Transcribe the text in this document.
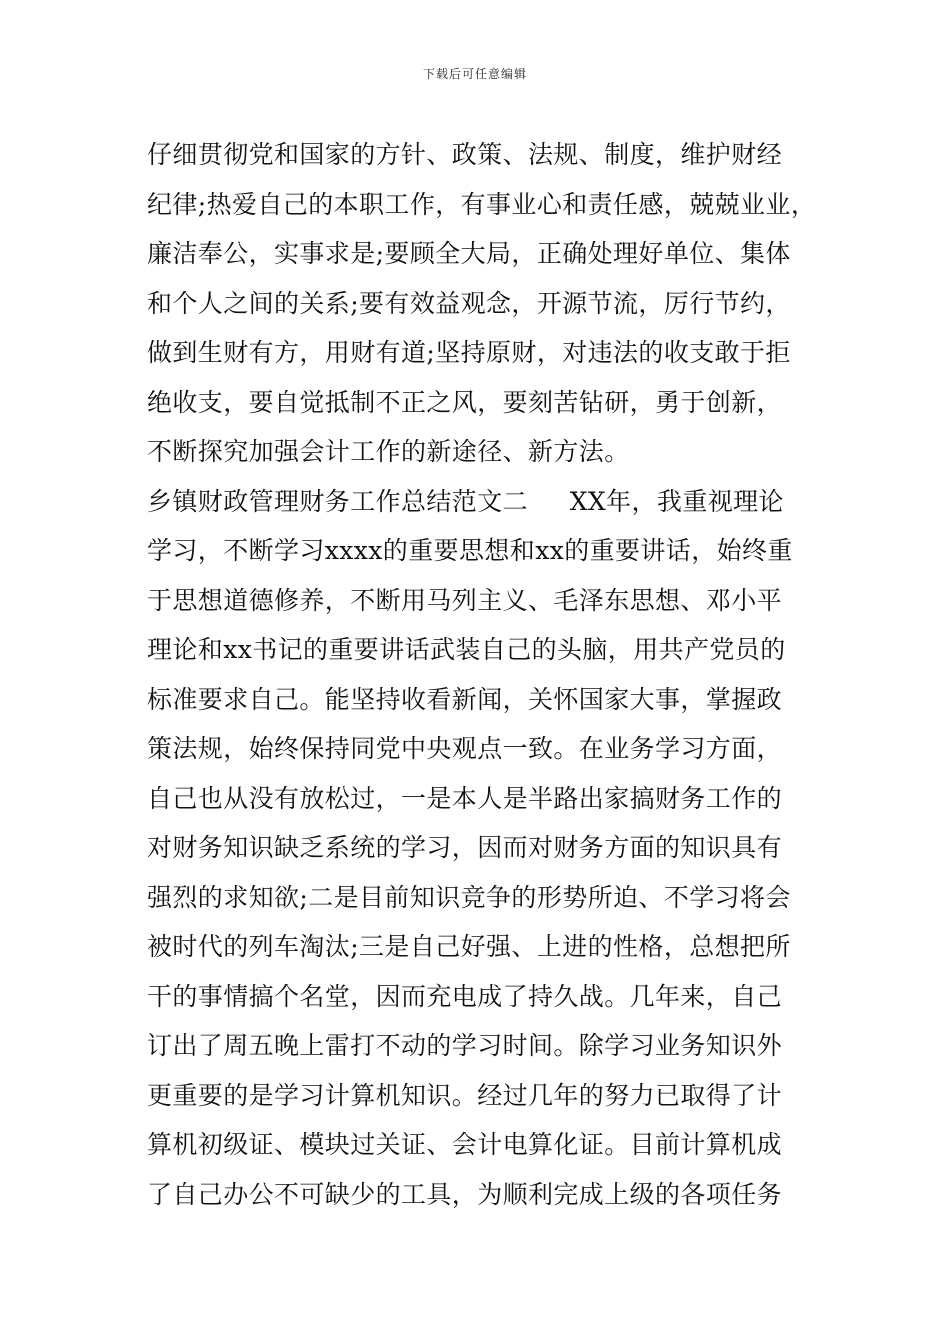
下载后可任意编辑
仔细贯彻党和国家的方针、政策、法规、制度，维护财经
纪律;热爱自己的本职工作，有事业心和责任感，兢兢业业，
廉洁奉公，实事求是;要顾全大局，正确处理好单位、集体
和个人之间的关系;要有效益观念，开源节流，厉行节约，
做到生财有方，用财有道;坚持原财，对违法的收支敢于拒
绝收支，要自觉抵制不正之风，要刻苦钻研，勇于创新，
不断探究加强会计工作的新途径、新方法。
乡镇财政管理财务工作总结范文二     XX年，我重视理论
学习，不断学习xxxx的重要思想和xx的重要讲话，始终重
于思想道德修养，不断用马列主义、毛泽东思想、邓小平
理论和xx书记的重要讲话武装自己的头脑，用共产党员的
标准要求自己。能坚持收看新闻，关怀国家大事，掌握政
策法规，始终保持同党中央观点一致。在业务学习方面，
自己也从没有放松过，一是本人是半路出家搞财务工作的
对财务知识缺乏系统的学习，因而对财务方面的知识具有
强烈的求知欲;二是目前知识竞争的形势所迫、不学习将会
被时代的列车淘汰;三是自己好强、上进的性格，总想把所
干的事情搞个名堂，因而充电成了持久战。几年来，自己
订出了周五晚上雷打不动的学习时间。除学习业务知识外
更重要的是学习计算机知识。经过几年的努力已取得了计
算机初级证、模块过关证、会计电算化证。目前计算机成
了自己办公不可缺少的工具，为顺利完成上级的各项任务
